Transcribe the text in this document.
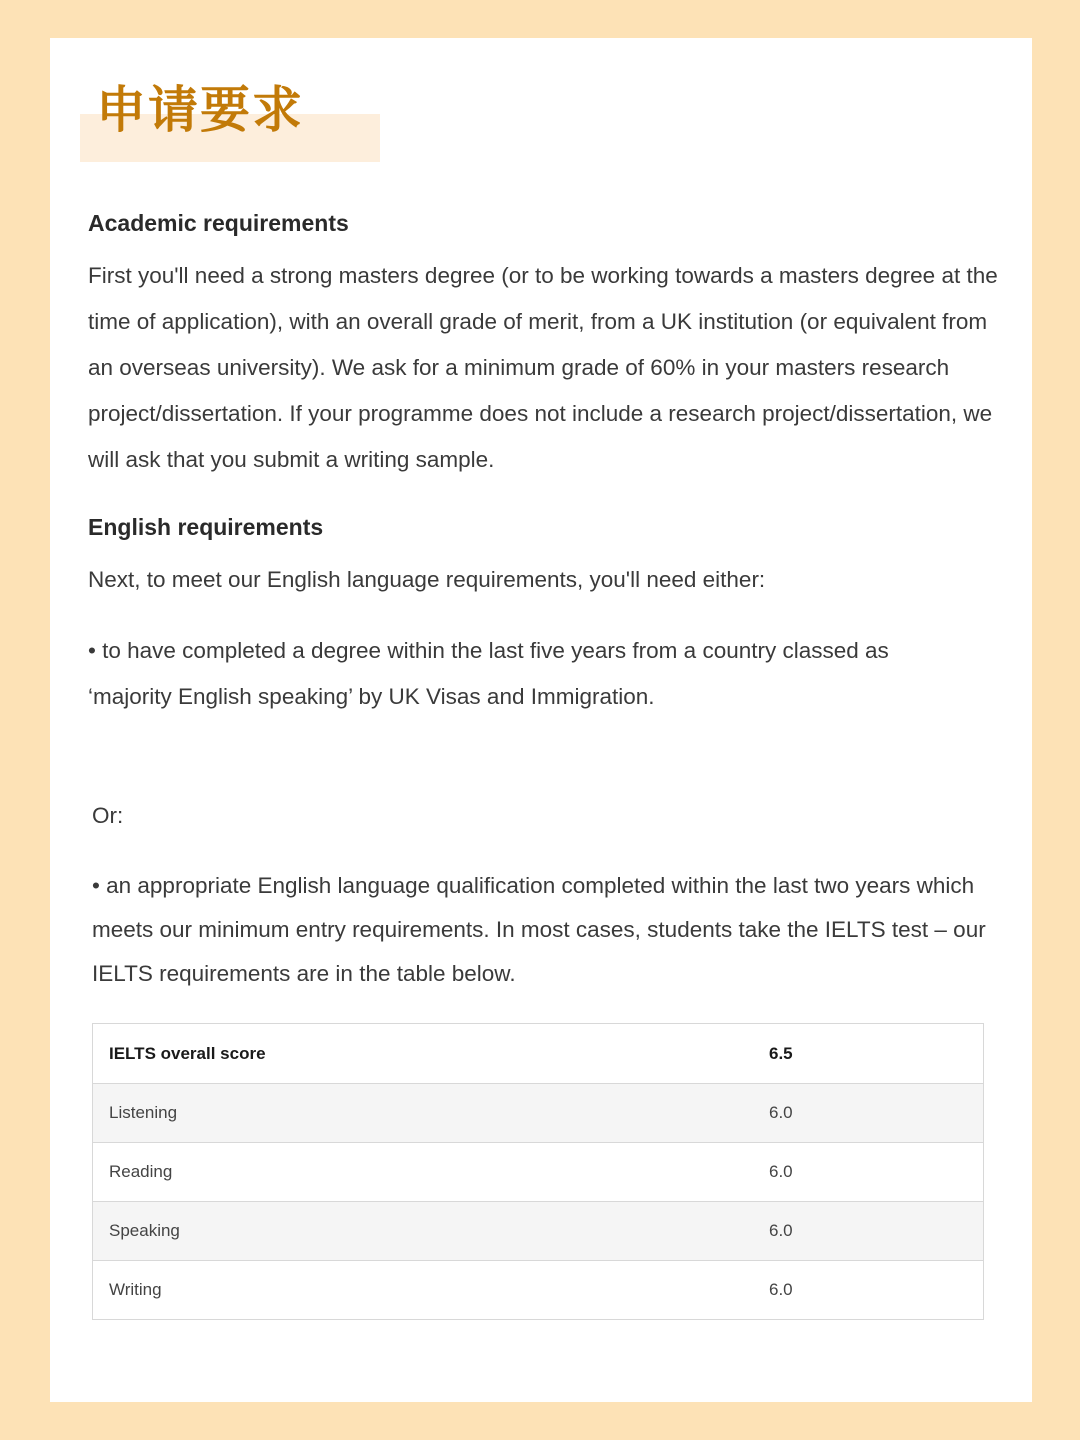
申请要求
Academic requirements
First you'll need a strong masters degree (or to be working towards a masters degree at the time of application), with an overall grade of merit, from a UK institution (or equivalent from an overseas university). We ask for a minimum grade of 60% in your masters research project/dissertation. If your programme does not include a research project/dissertation, we will ask that you submit a writing sample.
English requirements
Next, to meet our English language requirements, you'll need either:
• to have completed a degree within the last five years from a country classed as ‘majority English speaking’ by UK Visas and Immigration.
Or:
• an appropriate English language qualification completed within the last two years which meets our minimum entry requirements. In most cases, students take the IELTS test – our IELTS requirements are in the table below.
IELTS overall score	6.5
Listening	6.0
Reading	6.0
Speaking	6.0
Writing	6.0
